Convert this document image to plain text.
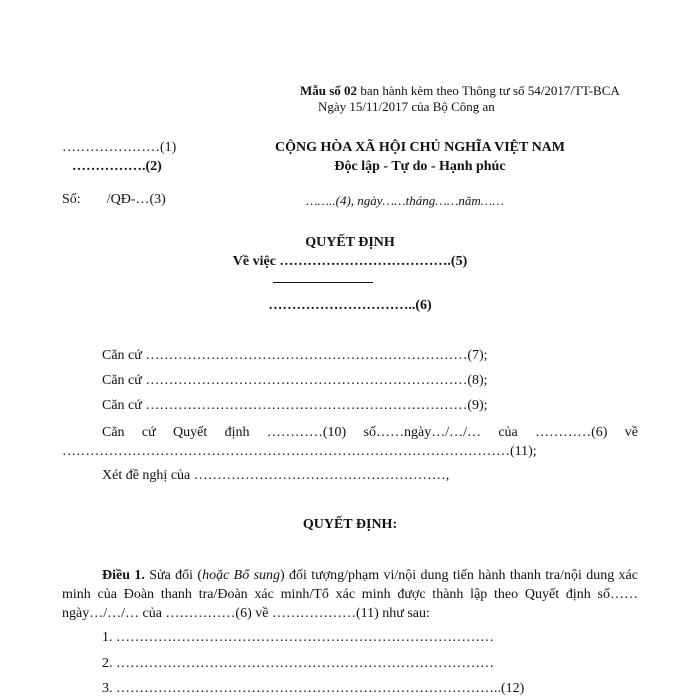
Mẫu số 02 ban hành kèm theo Thông tư số 54/2017/TT-BCA
Ngày 15/11/2017 của Bộ Công an
…………………(1)
…………….(2)
Số: /QĐ-…(3)
CỘNG HÒA XÃ HỘI CHỦ NGHĨA VIỆT NAM
Độc lập - Tự do - Hạnh phúc
……..(4), ngày……tháng……năm……
QUYẾT ĐỊNH
Về việc ……………………………….(5)
…………………………..(6)
Căn cứ ……………………………………………………………(7);
Căn cứ ……………………………………………………………(8);
Căn cứ ……………………………………………………………(9);
Căn cứ Quyết định …………(10) số……ngày…/…/… của …………(6) về ……………………………………………………………………………………(11);
Xét đề nghị của ………………………………………………,
QUYẾT ĐỊNH:
Điều 1. Sửa đổi (hoặc Bổ sung) đối tượng/phạm vi/nội dung tiến hành thanh tra/nội dung xác minh của Đoàn thanh tra/Đoàn xác minh/Tổ xác minh được thành lập theo Quyết định số…… ngày…/…/… của ……………(6) về ………………(11) như sau:
1. ………………………………………………………………………
2. ………………………………………………………………………
3. ………………………………………………………………………..(12)
